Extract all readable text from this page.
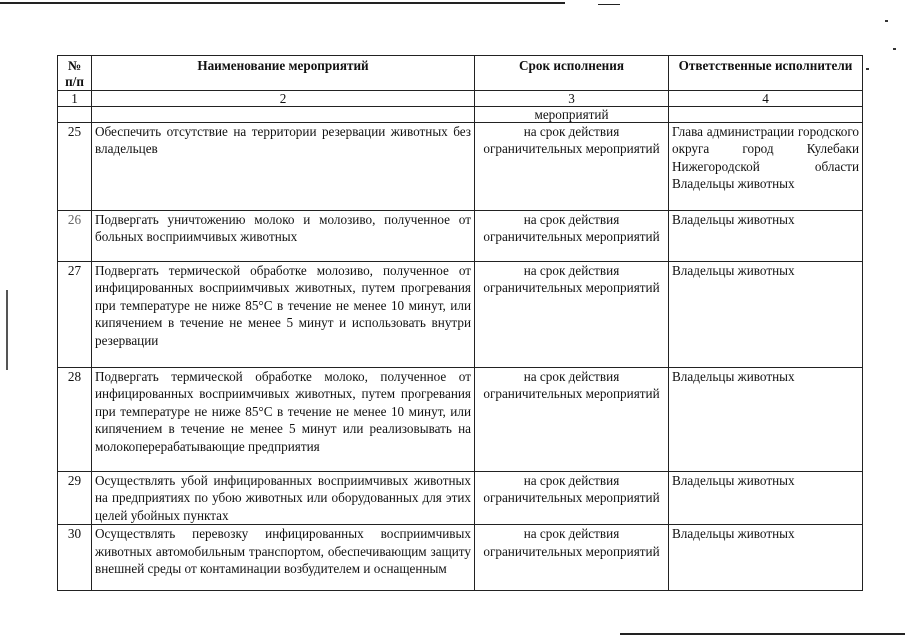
№ п/п	Наименование мероприятий	Срок исполнения	Ответственные исполнители
1	2	3	4
		мероприятий	
25	Обеспечить отсутствие на территории резервации животных без владельцев	на срок действия ограничительных мероприятий	Глава администрации городского округа город Кулебаки Нижегородской области Владельцы животных
26	Подвергать уничтожению молоко и молозиво, полученное от больных восприимчивых животных	на срок действия ограничительных мероприятий	Владельцы животных
27	Подвергать термической обработке молозиво, полученное от инфицированных восприимчивых животных, путем прогревания при температуре не ниже 85°С в течение не менее 10 минут, или кипячением в течение не менее 5 минут и использовать внутри резервации	на срок действия ограничительных мероприятий	Владельцы животных
28	Подвергать термической обработке молоко, полученное от инфицированных восприимчивых животных, путем прогревания при температуре не ниже 85°С в течение не менее 10 минут, или кипячением в течение не менее 5 минут или реализовывать на молокоперерабатывающие предприятия	на срок действия ограничительных мероприятий	Владельцы животных
29	Осуществлять убой инфицированных восприимчивых животных на предприятиях по убою животных или оборудованных для этих целей убойных пунктах	на срок действия ограничительных мероприятий	Владельцы животных
30	Осуществлять перевозку инфицированных восприимчивых животных автомобильным транспортом, обеспечивающим защиту внешней среды от контаминации возбудителем и оснащенным	на срок действия ограничительных мероприятий	Владельцы животных
